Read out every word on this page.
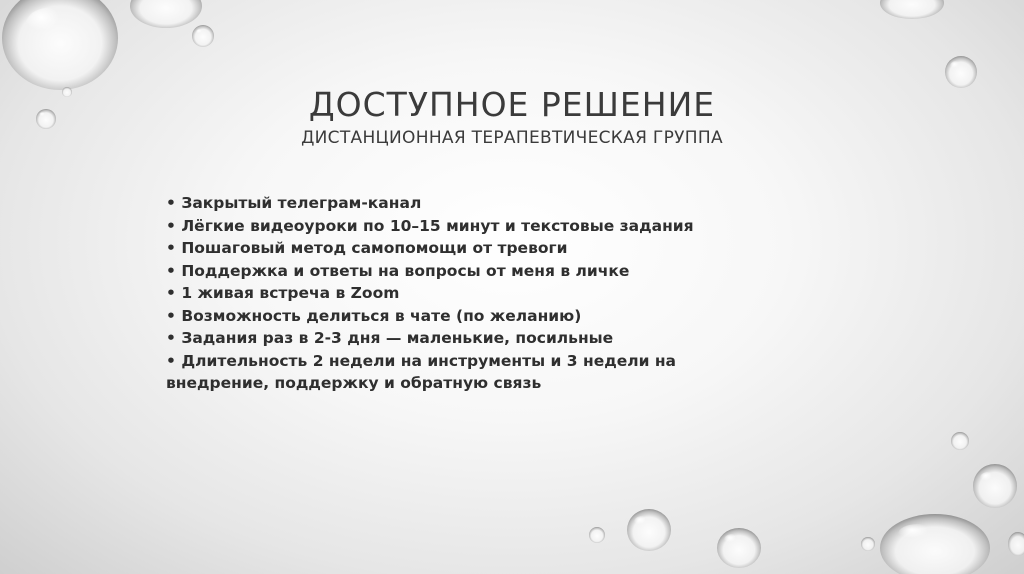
ДОСТУПНОЕ РЕШЕНИЕ
ДИСТАНЦИОННАЯ ТЕРАПЕВТИЧЕСКАЯ ГРУППА
• Закрытый телеграм-канал
• Лёгкие видеоуроки по 10–15 минут и текстовые задания
• Пошаговый метод самопомощи от тревоги
• Поддержка и ответы на вопросы от меня в личке
• 1 живая встреча в Zoom
• Возможность делиться в чате (по желанию)
• Задания раз в 2-3 дня — маленькие, посильные
• Длительность 2 недели на инструменты и 3 недели на внедрение, поддержку и обратную связь
